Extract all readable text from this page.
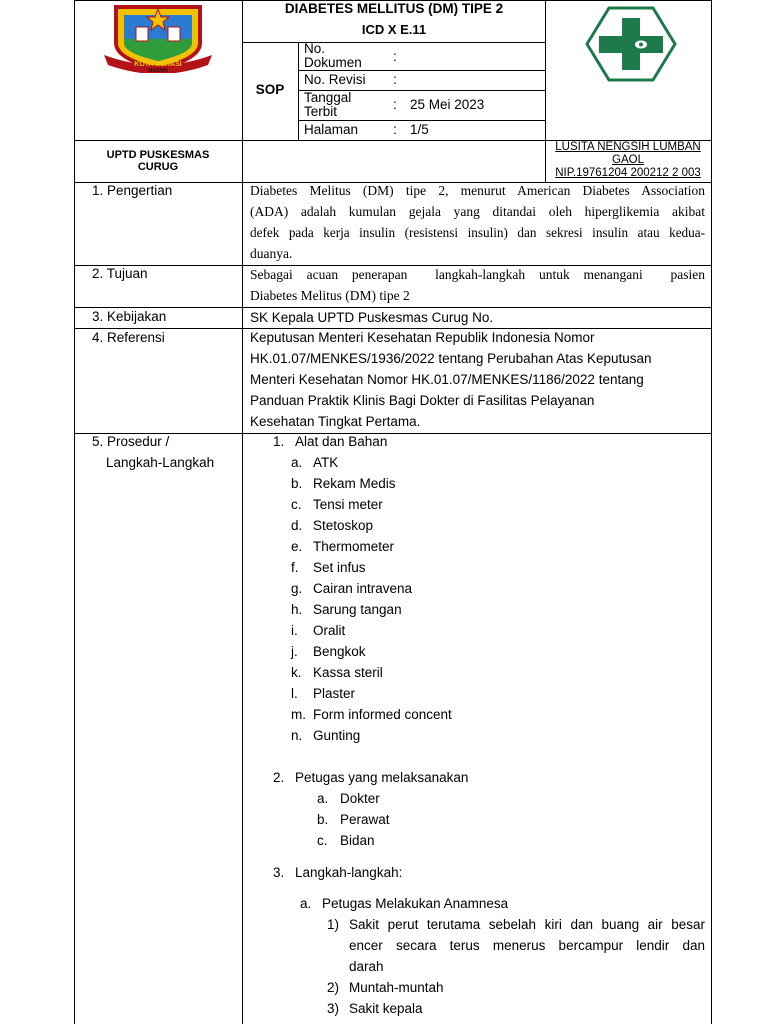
KOTA BEKASI
MADANI
DIABETES MELLITUS (DM) TIPE 2
ICD X E.11
SOP
No.
Dokumen :
No. Revisi :
Tanggal
Terbit	: 25 Mei 2023
Halaman	: 1/5
UPTD PUSKESMAS
CURUG
LUSITA NENGSIH LUMBAN
GAOL
NIP.19761204 200212 2 003
1. Pengertian	Diabetes Melitus (DM) tipe 2, menurut American Diabetes Association
(ADA) adalah kumulan gejala yang ditandai oleh hiperglikemia akibat
defek pada kerja insulin (resistensi insulin) dan sekresi insulin atau kedua-
duanya.
2. Tujuan	Sebagai acuan penerapan  langkah-langkah untuk menangani  pasien
Diabetes Melitus (DM) tipe 2
3. Kebijakan	SK Kepala UPTD Puskesmas Curug No.
4. Referensi	Keputusan Menteri Kesehatan Republik Indonesia Nomor
HK.01.07/MENKES/1936/2022 tentang Perubahan Atas Keputusan
Menteri Kesehatan Nomor HK.01.07/MENKES/1186/2022 tentang
Panduan Praktik Klinis Bagi Dokter di Fasilitas Pelayanan
Kesehatan Tingkat Pertama.
5. Prosedur /
Langkah-Langkah
1. Alat dan Bahan
a. ATK
b. Rekam Medis
c. Tensi meter
d. Stetoskop
e. Thermometer
f. Set infus
g. Cairan intravena
h. Sarung tangan
i. Oralit
j. Bengkok
k. Kassa steril
l. Plaster
m. Form informed concent
n. Gunting
2. Petugas yang melaksanakan
a. Dokter
b. Perawat
c. Bidan
3. Langkah-langkah:
a. Petugas Melakukan Anamnesa
1) Sakit perut terutama sebelah kiri dan buang air besar
encer secara terus menerus bercampur lendir dan
darah
2) Muntah-muntah
3) Sakit kepala
